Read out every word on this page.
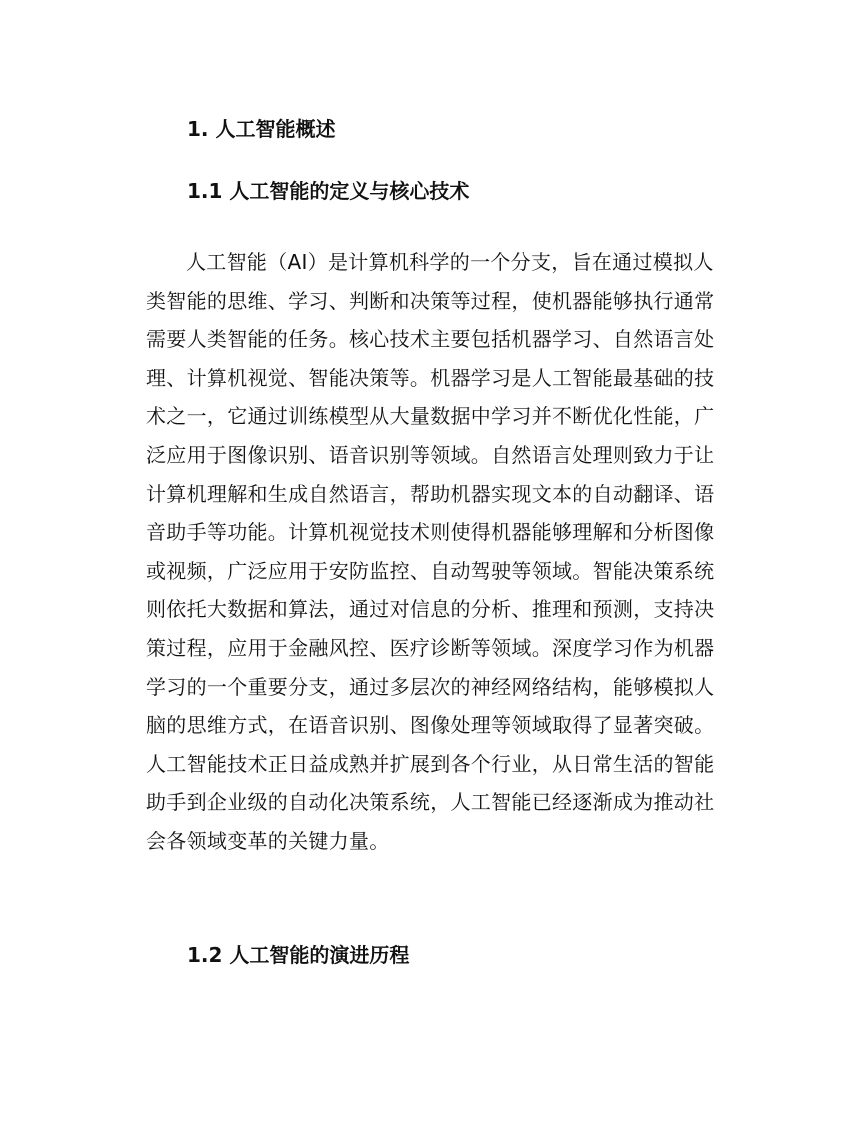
1. 人工智能概述
1.1 人工智能的定义与核心技术
人工智能（AI）是计算机科学的一个分支，旨在通过模拟人
类智能的思维、学习、判断和决策等过程，使机器能够执行通常
需要人类智能的任务。核心技术主要包括机器学习、自然语言处
理、计算机视觉、智能决策等。机器学习是人工智能最基础的技
术之一，它通过训练模型从大量数据中学习并不断优化性能，广
泛应用于图像识别、语音识别等领域。自然语言处理则致力于让
计算机理解和生成自然语言，帮助机器实现文本的自动翻译、语
音助手等功能。计算机视觉技术则使得机器能够理解和分析图像
或视频，广泛应用于安防监控、自动驾驶等领域。智能决策系统
则依托大数据和算法，通过对信息的分析、推理和预测，支持决
策过程，应用于金融风控、医疗诊断等领域。深度学习作为机器
学习的一个重要分支，通过多层次的神经网络结构，能够模拟人
脑的思维方式，在语音识别、图像处理等领域取得了显著突破。
人工智能技术正日益成熟并扩展到各个行业，从日常生活的智能
助手到企业级的自动化决策系统，人工智能已经逐渐成为推动社
会各领域变革的关键力量。
1.2 人工智能的演进历程
